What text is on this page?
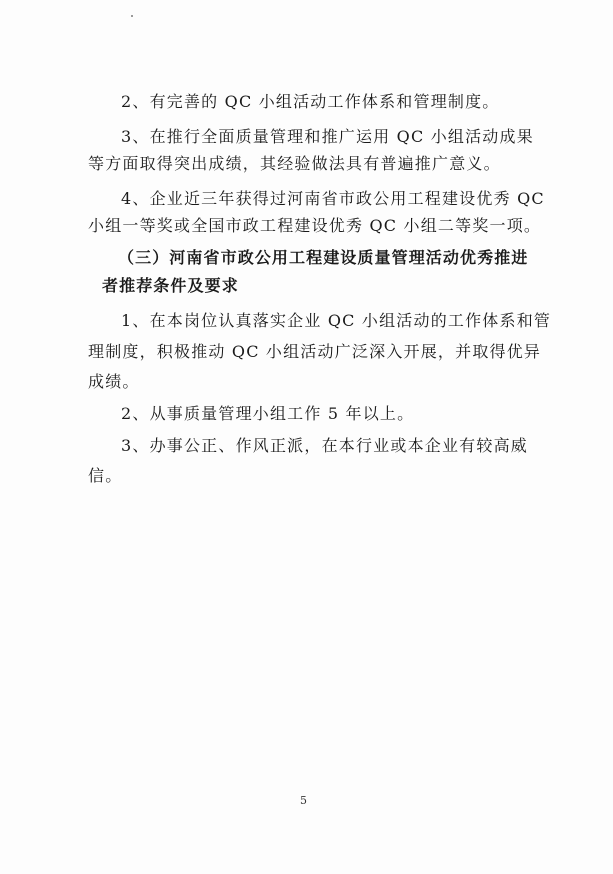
2、有完善的 QC 小组活动工作体系和管理制度。
3、在推行全面质量管理和推广运用 QC 小组活动成果
等方面取得突出成绩，其经验做法具有普遍推广意义。
4、企业近三年获得过河南省市政公用工程建设优秀 QC
小组一等奖或全国市政工程建设优秀 QC 小组二等奖一项。
（三）河南省市政公用工程建设质量管理活动优秀推进
者推荐条件及要求
1、在本岗位认真落实企业 QC 小组活动的工作体系和管
理制度，积极推动 QC 小组活动广泛深入开展，并取得优异
成绩。
2、从事质量管理小组工作 5 年以上。
3、办事公正、作风正派，在本行业或本企业有较高威
信。
5
